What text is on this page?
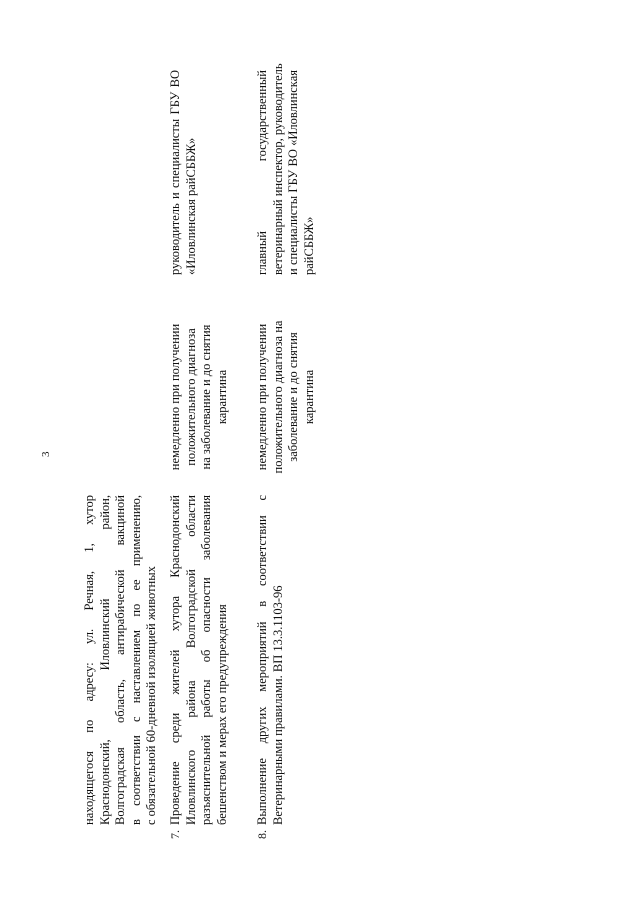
3
находящегося по адресу: ул. Речная, 1, хутор Краснодонский, Иловлинский район, Волгоградская область, антирабической вакциной в соответствии с наставлением по ее применению, с обязательной 60-дневной изоляцией животных
7.
Проведение среди жителей хутора Краснодонский Иловлинского района Волгоградской области разъяснительной работы об опасности заболевания бешенством и мерах его предупреждения
немедленно при получении положительного диагноза на заболевание и до снятия карантина
руководитель и специалисты ГБУ ВО «Иловлинская райСББЖ»
8.
Выполнение других мероприятий в соответствии с Ветеринарными правилами. ВП 13.3.1103-96
немедленно при получении положительного диагноза на заболевание и до снятия карантина
главный государственный ветеринарный инспектор, руководитель и специалисты ГБУ ВО «Иловлинская райСББЖ»
